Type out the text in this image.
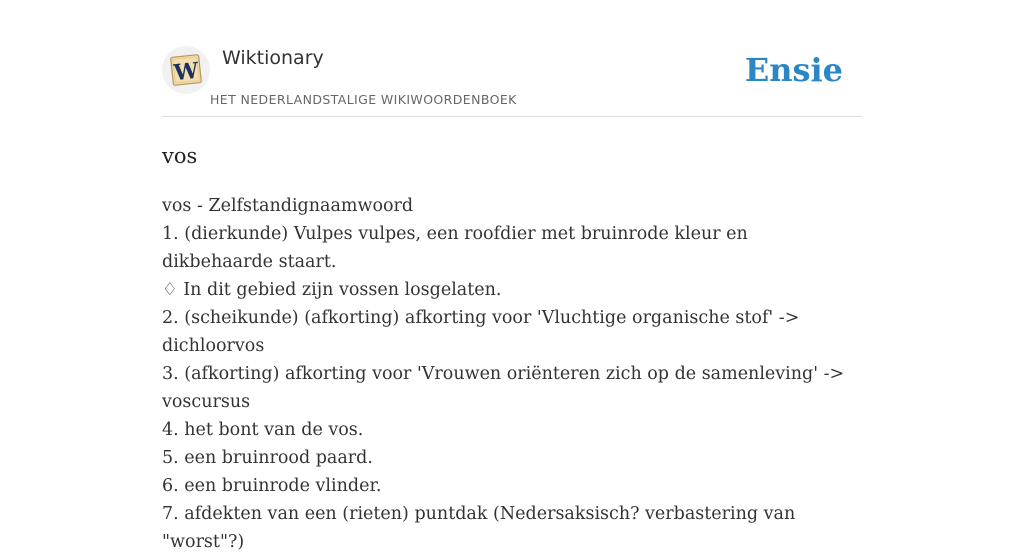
W Wiktionary
HET NEDERLANDSTALIGE WIKIWOORDENBOEK
Ensie
vos
vos - Zelfstandignaamwoord
1. (dierkunde) Vulpes vulpes, een roofdier met bruinrode kleur en dikbehaarde staart.
♢ In dit gebied zijn vossen losgelaten.
2. (scheikunde) (afkorting) afkorting voor 'Vluchtige organische stof' -> dichloorvos
3. (afkorting) afkorting voor 'Vrouwen oriënteren zich op de samenleving' -> voscursus
4. het bont van de vos.
5. een bruinrood paard.
6. een bruinrode vlinder.
7. afdekten van een (rieten) puntdak (Nedersaksisch? verbastering van "worst"?)
